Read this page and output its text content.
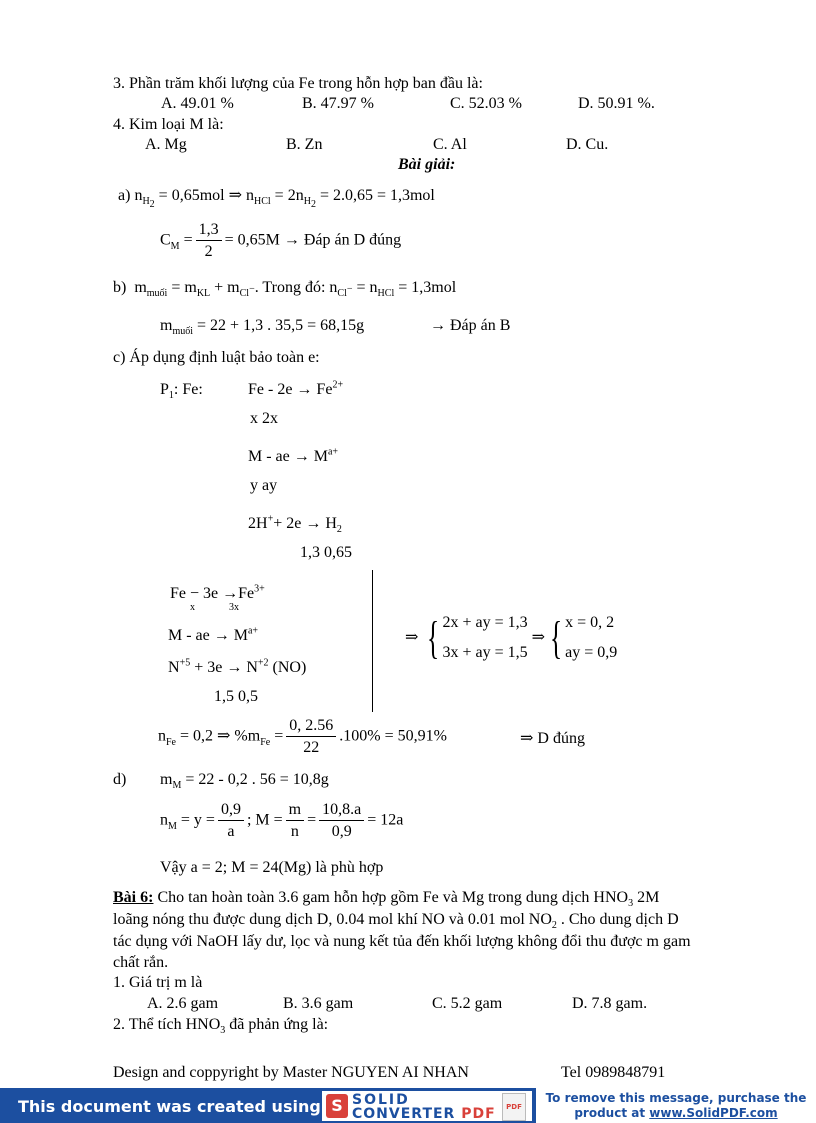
3. Phần trăm khối lượng của Fe trong hỗn hợp ban đầu là:
A. 49.01 %	B. 47.97 %	C. 52.03 %	D. 50.91 %.
4. Kim loại M là:
A. Mg	B. Zn	C. Al	D. Cu.
Bài giải:
a) $n_{H_2} = 0,65mol$ ⇒ $n_{HCl} = 2n_{H_2} = 2.0,65 = 1,3mol$
$C_M = \frac{1,3}{2} = 0,65M$ → Đáp án D đúng
b)  $m_{muối} = m_{KL} + m_{Cl^-}$. Trong đó: $n_{Cl^-} = n_{HCl} = 1,3mol$
$m_{muối} = 22 + 1,3$ . 35,5 = 68,15g	→ Đáp án B
c) Áp dụng định luật bảo toàn e:
$P_1$: Fe:	$Fe - 2e \to Fe^{2+}$
x 2x
M - ae → $M^{a+}$
y ay
$2H^++ 2e \to H_2$
1,3 0,65
$Fe - 3e \to Fe^{3+}$
x	3x
M - ae → $M^{a+}$
$N^{+5} + 3e \to N^{+2}$ (NO)
1,5 0,5
⇒ { 2x + ay = 1,3
3x + ay = 1,5 ⇒ { x = 0, 2
ay = 0,9
$n_{Fe} = 0,2$ ⇒ $\%m_{Fe} = \frac{0, 2.56}{22} .100\% = 50,91\%$	⇒ D đúng
d) $m_M = 22 - 0,2$ . 56 = 10,8g
$n_M = y = \frac{0,9}{a}$ ; $M = \frac{m}{n} = \frac{10,8.a}{0,9} = 12a$
Vậy a = 2; M = 24(Mg) là phù hợp
Bài 6: Cho tan hoàn toàn 3.6 gam hỗn hợp gồm Fe và Mg trong dung dịch $HNO_3$ 2M
loãng nóng thu được dung dịch D, 0.04 mol khí NO và 0.01 mol $NO_2$ . Cho dung dịch D
tác dụng với NaOH lấy dư, lọc và nung kết tủa đến khối lượng không đổi thu được m gam
chất rắn.
1. Giá trị m là
A. 2.6 gam	B. 3.6 gam	C. 5.2 gam	D. 7.8 gam.
2. Thể tích $HNO_3$ đã phản ứng là:
Design and coppyright by Master NGUYEN AI NHAN	Tel 0989848791
This document was created using S SOLID
CONVERTER PDF	PDF
To remove this message, purchase the
product at www.SolidPDF.com
